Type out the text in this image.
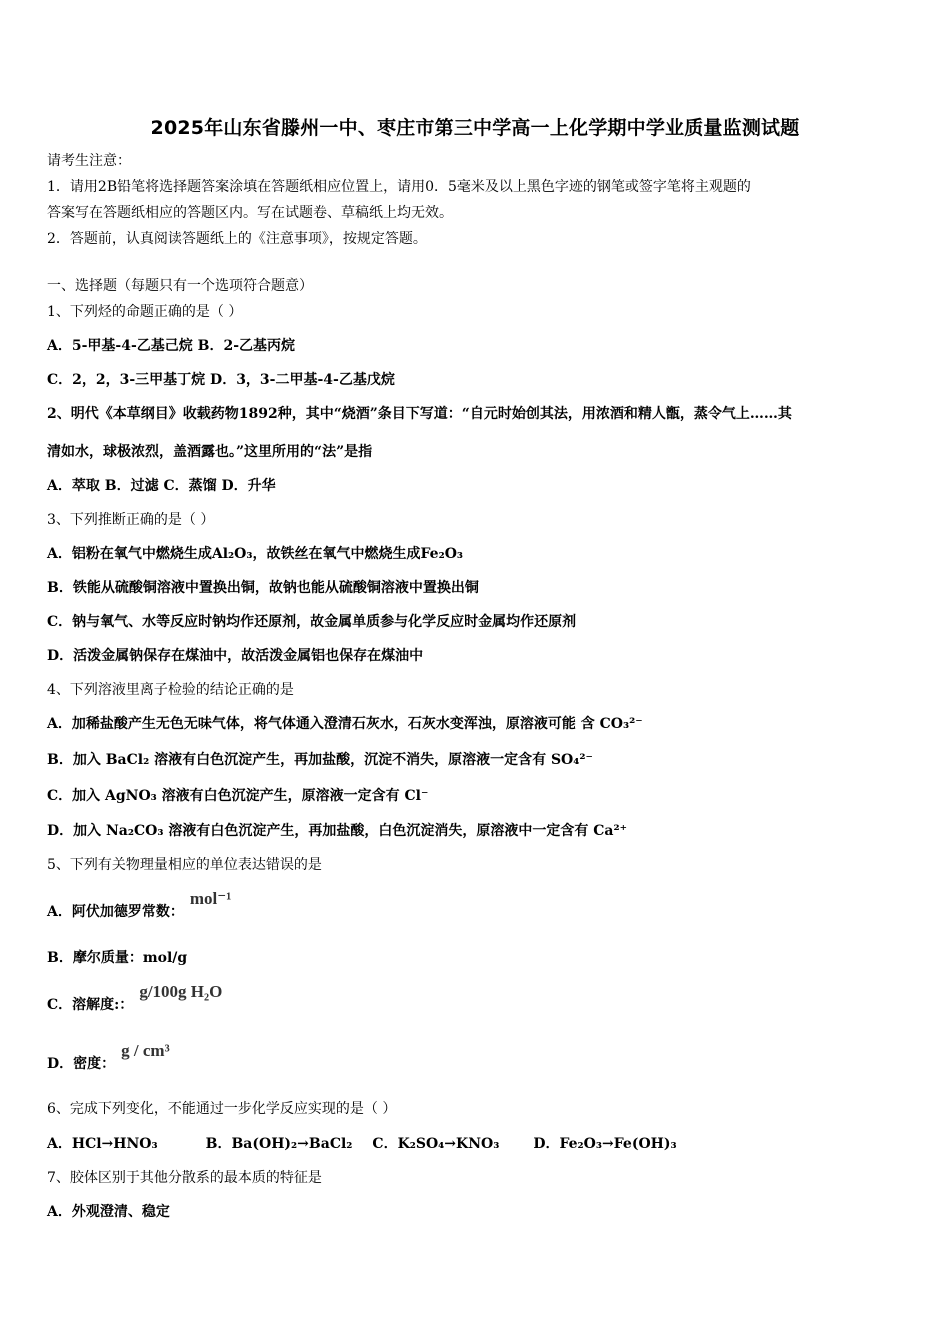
2025年山东省滕州一中、枣庄市第三中学高一上化学期中学业质量监测试题
请考生注意：
1．请用2B铅笔将选择题答案涂填在答题纸相应位置上，请用0．5毫米及以上黑色字迹的钢笔或签字笔将主观题的
答案写在答题纸相应的答题区内。写在试题卷、草稿纸上均无效。
2．答题前，认真阅读答题纸上的《注意事项》，按规定答题。
一、选择题（每题只有一个选项符合题意）
1、下列烃的命题正确的是（ ）
A．5-甲基-4-乙基己烷 B．2-乙基丙烷
C．2，2，3-三甲基丁烷 D．3，3-二甲基-4-乙基戊烷
2、明代《本草纲目》收载药物1892种，其中“烧酒”条目下写道：“自元时始创其法，用浓酒和精人甑，蒸令气上……其
清如水，球极浓烈，盖酒露也。”这里所用的“法”是指
A．萃取 B．过滤 C．蒸馏 D．升华
3、下列推断正确的是（ ）
A．铝粉在氧气中燃烧生成Al₂O₃，故铁丝在氧气中燃烧生成Fe₂O₃
B．铁能从硫酸铜溶液中置换出铜，故钠也能从硫酸铜溶液中置换出铜
C．钠与氧气、水等反应时钠均作还原剂，故金属单质参与化学反应时金属均作还原剂
D．活泼金属钠保存在煤油中，故活泼金属铝也保存在煤油中
4、下列溶液里离子检验的结论正确的是
A．加稀盐酸产生无色无味气体，将气体通入澄清石灰水，石灰水变浑浊，原溶液可能 含 CO₃²⁻
B．加入 BaCl₂ 溶液有白色沉淀产生，再加盐酸，沉淀不消失，原溶液一定含有 SO₄²⁻
C．加入 AgNO₃ 溶液有白色沉淀产生，原溶液一定含有 Cl⁻
D．加入 Na₂CO₃ 溶液有白色沉淀产生，再加盐酸，白色沉淀消失，原溶液中一定含有 Ca²⁺
5、下列有关物理量相应的单位表达错误的是
A．阿伏加德罗常数：mol⁻¹
B．摩尔质量：mol/g
C．溶解度:：g/100g H₂O
D．密度：g / cm³
6、完成下列变化，不能通过一步化学反应实现的是（ ）
A．HCl→HNO₃	B．Ba(OH)₂→BaCl₂ C．K₂SO₄→KNO₃ D．Fe₂O₃→Fe(OH)₃
7、胶体区别于其他分散系的最本质的特征是
A．外观澄清、稳定
